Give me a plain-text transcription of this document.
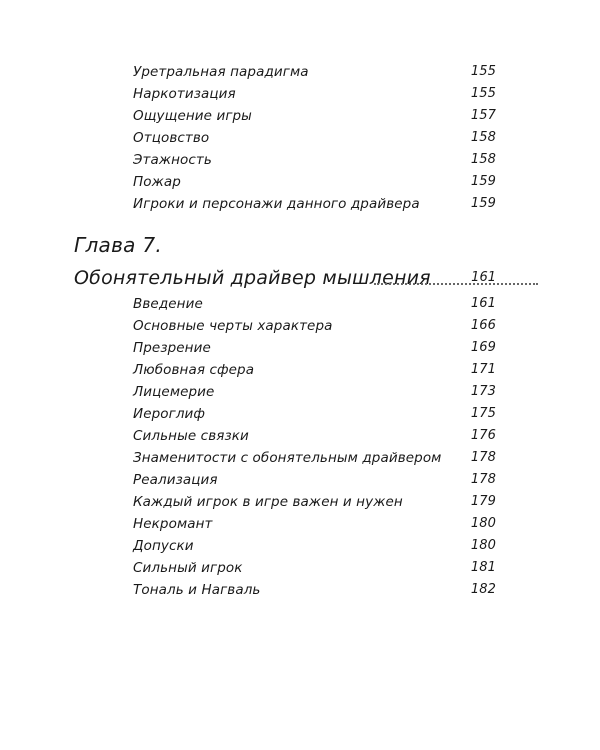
Уретральная парадигма	155
Наркотизация	155
Ощущение игры	157
Отцовство	158
Этажность	158
Пожар	159
Игроки и персонажи данного драйвера	159
Глава 7.
Обонятельный драйвер мышления	161
Введение	161
Основные черты характера	166
Презрение	169
Любовная сфера	171
Лицемерие	173
Иероглиф	175
Сильные связки	176
Знаменитости с обонятельным драйвером 178
Реализация	178
Каждый игрок в игре важен и нужен	179
Некромант	180
Допуски	180
Сильный игрок	181
Тональ и Нагваль	182
